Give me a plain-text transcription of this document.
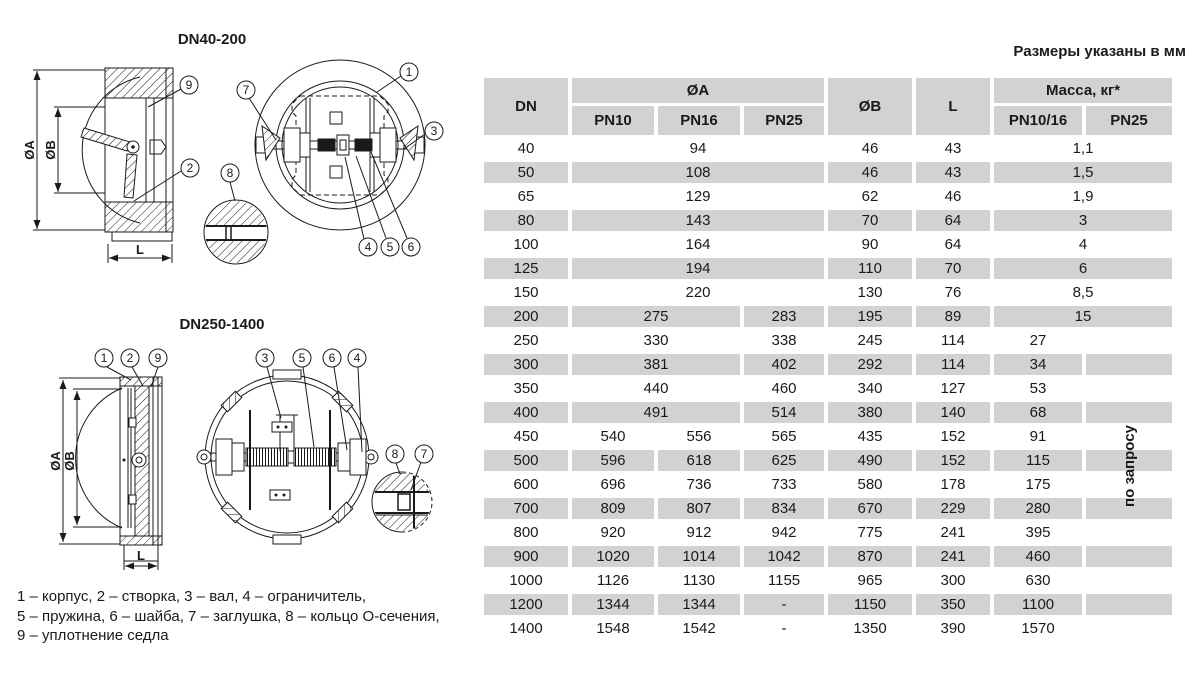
DN40-200
1
2
3
4 5 6
7
8
9
ØA ØB
L
DN250-1400
1 2 9	3	5 6 4
8 7
ØA ØB
L
1 – корпус, 2 – створка, 3 – вал, 4 – ограничитель,
5 – пружина, 6 – шайба, 7 – заглушка, 8 – кольцо О-сечения,
9 – уплотнение седла
Размеры указаны в мм
DN	ØA			ØB	L	Масса, кг*	
	PN10	PN16	PN25			PN10/16	PN25
40	94			46	43	1,1	
50	108			46	43	1,5	
65	129			62	46	1,9	
80	143			70	64	3	
100	164			90	64	4	
125	194			110	70	6	
150	220			130	76	8,5	
200	275		283	195	89	15	
250	330		338	245	114	27	
300	381		402	292	114	34	
350	440		460	340	127	53	
400	491		514	380	140	68	
450	540	556	565	435	152	91	
500	596	618	625	490	152	115	
600	696	736	733	580	178	175	
700	809	807	834	670	229	280	
800	920	912	942	775	241	395	
900	1020	1014	1042	870	241	460	
1000	1126	1130	1155	965	300	630	
1200	1344	1344	-	1150	350	1100	
1400	1548	1542	-	1350	390	1570	
по запросу
